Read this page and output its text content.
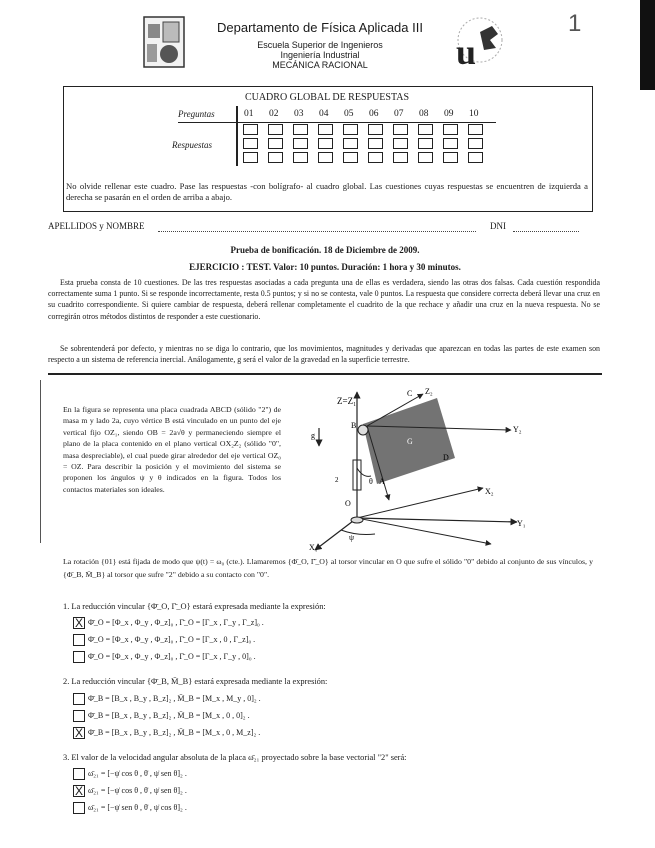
1
Departamento de Física Aplicada III
Escuela Superior de Ingenieros
Ingeniería Industrial
MECÁNICA RACIONAL	u
CUADRO GLOBAL DE RESPUESTAS
Preguntas
Respuestas
01 02 03 04 05 06 07 08 09 10
No olvide rellenar este cuadro. Pase las respuestas -con bolígrafo- al cuadro global. Las cuestiones cuyas respuestas se encuentren de izquierda a derecha se pasarán en el orden de arriba a abajo.
APELLIDOS y NOMBRE	DNI
Prueba de bonificación. 18 de Diciembre de 2009.
EJERCICIO : TEST. Valor: 10 puntos. Duración: 1 hora y 30 minutos.
Esta prueba consta de 10 cuestiones. De las tres respuestas asociadas a cada pregunta una de ellas es verdadera, siendo las otras dos falsas. Cada cuestión respondida correctamente suma 1 punto. Si se responde incorrectamente, resta 0.5 puntos; y si no se contesta, vale 0 puntos. La respuesta que considere correcta deberá llevar una cruz en su cuadrito correspondiente. Si quiere cambiar de respuesta, deberá rellenar completamente el cuadrito de la que rechace y añadir una cruz en la nueva respuesta. No se corregirán otros métodos distintos de responder a este cuestionario.
Se sobrentenderá por defecto, y mientras no se diga lo contrario, que los movimientos, magnitudes y derivadas que aparezcan en todas las partes de este examen son respecto a un sistema de referencia inercial. Análogamente, g será el valor de la gravedad en la superficie terrestre.
En la figura se representa una placa cuadrada ABCD (sólido "2") de masa m y lado 2a, cuyo vértice B está vinculado en un punto del eje vertical fijo OZ₁, siendo OB = 2a√θ y permaneciendo siempre el plano de la placa contenido en el plano vertical OX₂Z₂ (sólido "0", masa despreciable), el cual puede girar alrededor del eje vertical OZ₀ = OZ. Para describir la posición y el movimiento del sistema se proponen los ángulos ψ y θ indicados en la figura. Todos los contactos materiales son ideales.
Z=Z₁
Z₂
Y₂
Y₁
X₂
X₁
O
B
C
D
G
A
θ
ψ
g
2
La rotación {01} está fijada de modo que ψ(t) = ω₀ (cte.). Llamaremos {Φ̄_O, Γ̄_O} al torsor vincular en O que sufre el sólido "0" debido al conjunto de sus vínculos, y {Φ̄_B, M̄_B} al torsor que sufre "2" debido a su contacto con "0".
1. La reducción vincular {Φ̄_O, Γ̄_O} estará expresada mediante la expresión:
X Φ̄_O = [Φ_x , Φ_y , Φ_z]₀ , Γ̄_O = [Γ_x , Γ_y , Γ_z]₀ .
Φ̄_O = [Φ_x , Φ_y , Φ_z]₀ , Γ̄_O = [Γ_x , 0 , Γ_z]₀ .
Φ̄_O = [Φ_x , Φ_y , Φ_z]₀ , Γ̄_O = [Γ_x , Γ_y , 0]₀ .
2. La reducción vincular {Φ̄_B, M̄_B} estará expresada mediante la expresión:
Φ̄_B = [B_x , B_y , B_z]₂ , M̄_B = [M_x , M_y , 0]₂ .
Φ̄_B = [B_x , B_y , B_z]₂ , M̄_B = [M_x , 0 , 0]₂ .
X Φ̄_B = [B_x , B_y , B_z]₂ , M̄_B = [M_x , 0 , M_z]₂ .
3. El valor de la velocidad angular absoluta de la placa ω̄₂₁ proyectado sobre la base vectorial "2" será:
ω̄₂₁ = [−ψ̇ cos θ , θ̇ , ψ̇ sen θ]₂ .
X ω̄₂₁ = [−ψ̇ cos θ , θ̇ , ψ̇ sen θ]₂ .
ω̄₂₁ = [−ψ̇ sen θ , θ̇ , ψ̇ cos θ]₂ .
